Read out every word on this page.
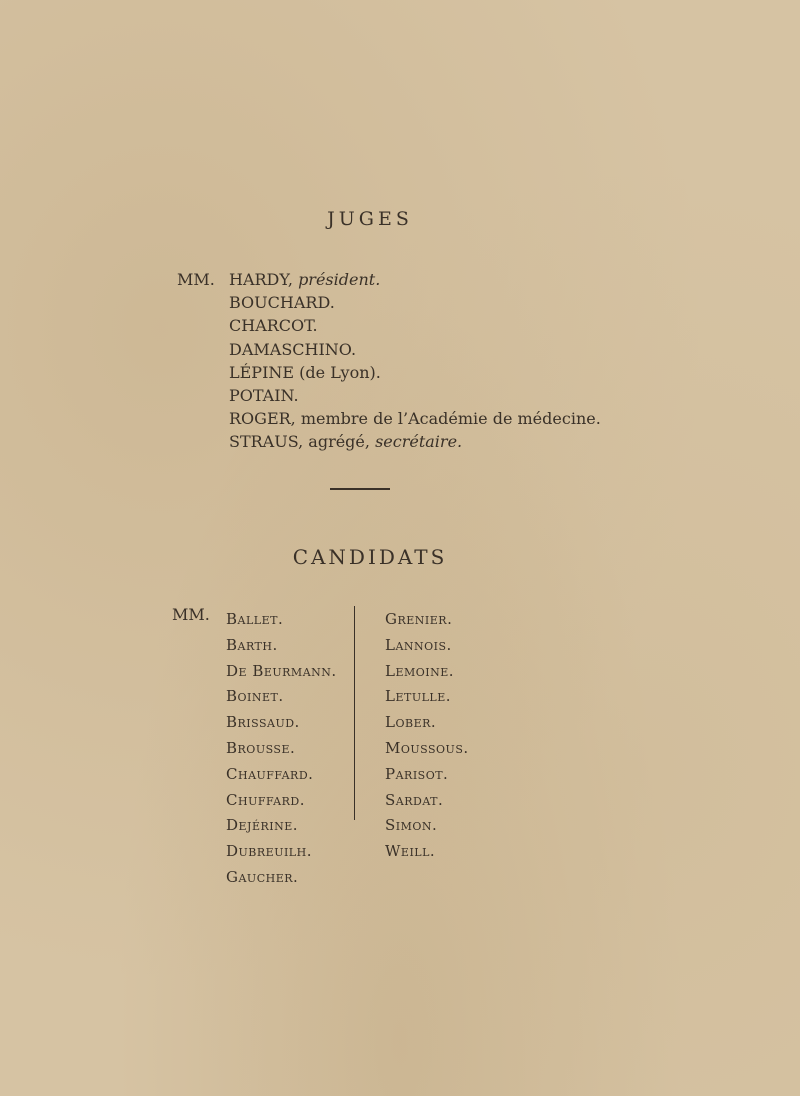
JUGES
MM. HARDY, président.
BOUCHARD.
CHARCOT.
DAMASCHINO.
LÉPINE (de Lyon).
POTAIN.
ROGER, membre de l’Académie de médecine.
STRAUS, agrégé, secrétaire.
CANDIDATS
MM. Ballet.
Barth.
De Beurmann.
Boinet.
Brissaud.
Brousse.
Chauffard.
Chuffard.
Dejérine.
Dubreuilh.
Gaucher.
Grenier.
Lannois.
Lemoine.
Letulle.
Lober.
Moussous.
Parisot.
Sardat.
Simon.
Weill.
